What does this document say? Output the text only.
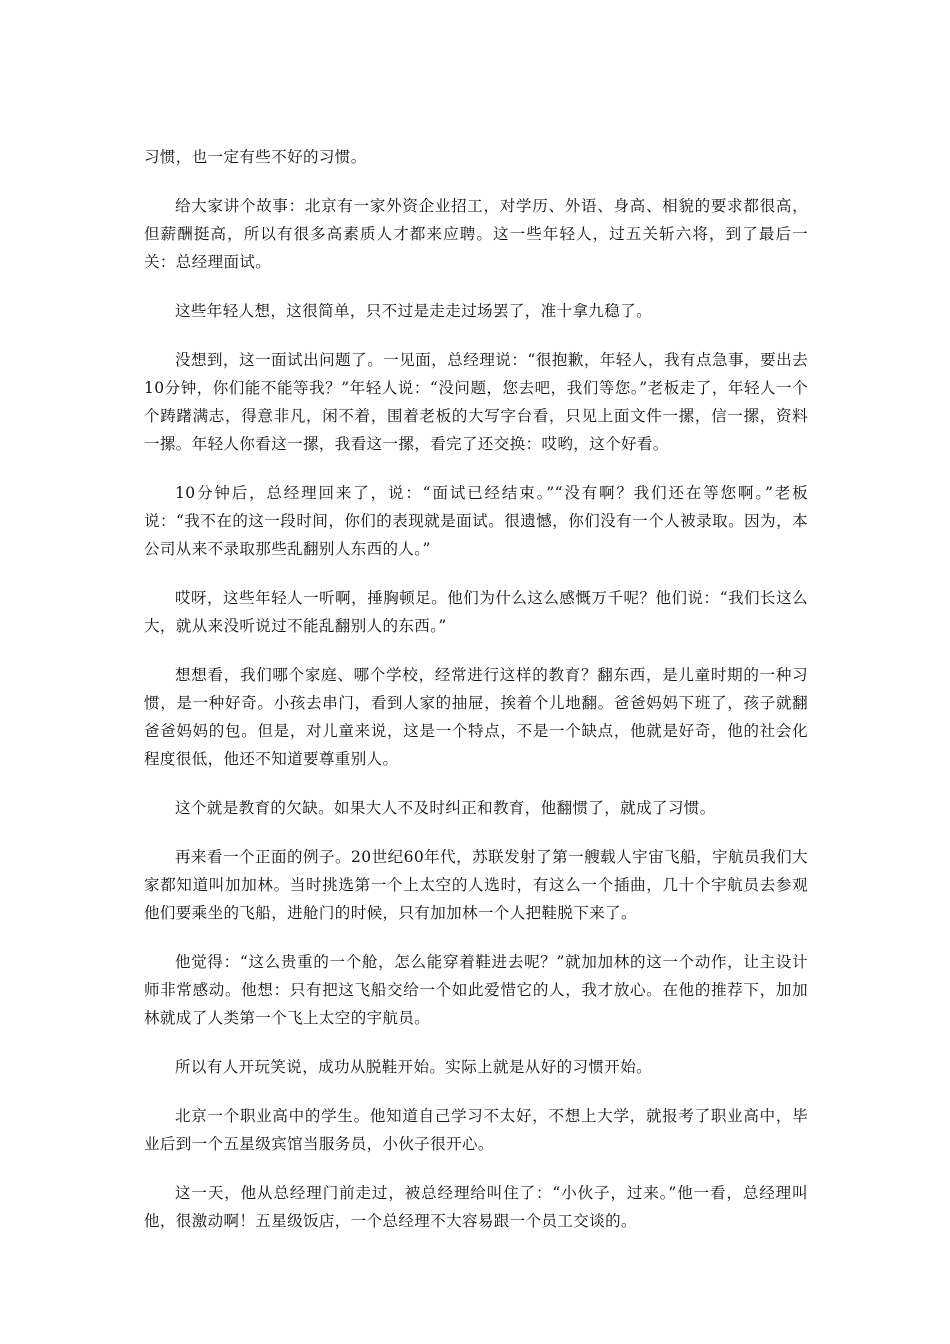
习惯，也一定有些不好的习惯。

给大家讲个故事：北京有一家外资企业招工，对学历、外语、身高、相貌的要求都很高，但薪酬挺高，所以有很多高素质人才都来应聘。这一些年轻人，过五关斩六将，到了最后一关：总经理面试。

这些年轻人想，这很简单，只不过是走走过场罢了，准十拿九稳了。

没想到，这一面试出问题了。一见面，总经理说：“很抱歉，年轻人，我有点急事，要出去10分钟，你们能不能等我？”年轻人说：“没问题，您去吧，我们等您。”老板走了，年轻人一个个踌躇满志，得意非凡，闲不着，围着老板的大写字台看，只见上面文件一摞，信一摞，资料一摞。年轻人你看这一摞，我看这一摞，看完了还交换：哎哟，这个好看。

10分钟后，总经理回来了，说：“面试已经结束。”“没有啊？我们还在等您啊。”老板说：“我不在的这一段时间，你们的表现就是面试。很遗憾，你们没有一个人被录取。因为，本公司从来不录取那些乱翻别人东西的人。”

哎呀，这些年轻人一听啊，捶胸顿足。他们为什么这么感慨万千呢？他们说：“我们长这么大，就从来没听说过不能乱翻别人的东西。”

想想看，我们哪个家庭、哪个学校，经常进行这样的教育？翻东西，是儿童时期的一种习惯，是一种好奇。小孩去串门，看到人家的抽屉，挨着个儿地翻。爸爸妈妈下班了，孩子就翻爸爸妈妈的包。但是，对儿童来说，这是一个特点，不是一个缺点，他就是好奇，他的社会化程度很低，他还不知道要尊重别人。

这个就是教育的欠缺。如果大人不及时纠正和教育，他翻惯了，就成了习惯。

再来看一个正面的例子。20世纪60年代，苏联发射了第一艘载人宇宙飞船，宇航员我们大家都知道叫加加林。当时挑选第一个上太空的人选时，有这么一个插曲，几十个宇航员去参观他们要乘坐的飞船，进舱门的时候，只有加加林一个人把鞋脱下来了。

他觉得：“这么贵重的一个舱，怎么能穿着鞋进去呢？”就加加林的这一个动作，让主设计师非常感动。他想：只有把这飞船交给一个如此爱惜它的人，我才放心。在他的推荐下，加加林就成了人类第一个飞上太空的宇航员。

所以有人开玩笑说，成功从脱鞋开始。实际上就是从好的习惯开始。

北京一个职业高中的学生。他知道自己学习不太好，不想上大学，就报考了职业高中，毕业后到一个五星级宾馆当服务员，小伙子很开心。

这一天，他从总经理门前走过，被总经理给叫住了：“小伙子，过来。”他一看，总经理叫他，很激动啊！五星级饭店，一个总经理不大容易跟一个员工交谈的。
